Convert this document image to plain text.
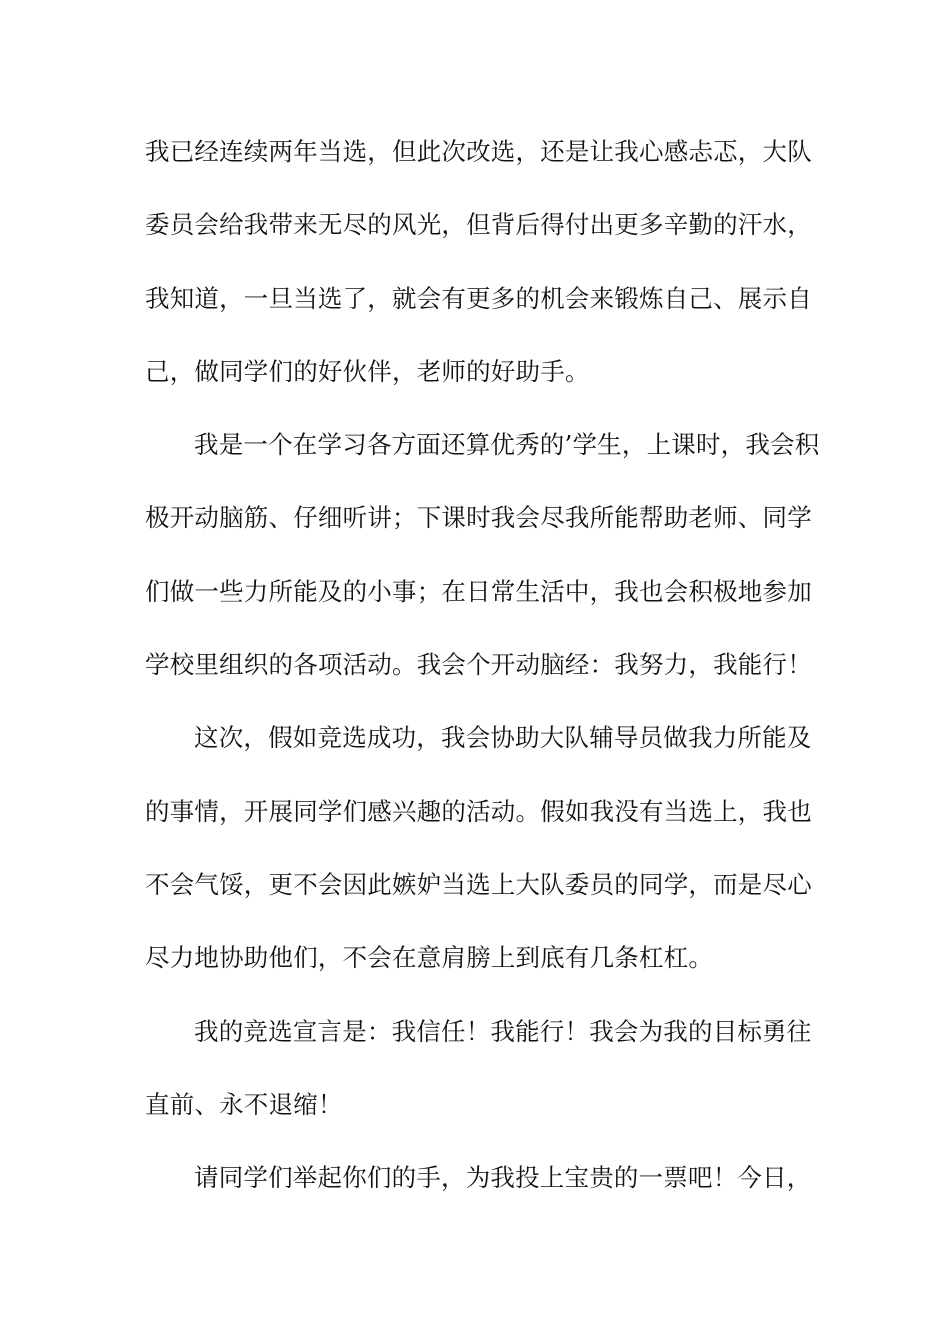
我已经连续两年当选，但此次改选，还是让我心感忐忑，大队
委员会给我带来无尽的风光，但背后得付出更多辛勤的汗水，
我知道，一旦当选了，就会有更多的机会来锻炼自己、展示自
己，做同学们的好伙伴，老师的好助手。
我是一个在学习各方面还算优秀的’学生，上课时，我会积
极开动脑筋、仔细听讲；下课时我会尽我所能帮助老师、同学
们做一些力所能及的小事；在日常生活中，我也会积极地参加
学校里组织的各项活动。我会个开动脑经：我努力，我能行！
这次，假如竞选成功，我会协助大队辅导员做我力所能及
的事情，开展同学们感兴趣的活动。假如我没有当选上，我也
不会气馁，更不会因此嫉妒当选上大队委员的同学，而是尽心
尽力地协助他们，不会在意肩膀上到底有几条杠杠。
我的竞选宣言是：我信任！我能行！我会为我的目标勇往
直前、永不退缩！
请同学们举起你们的手，为我投上宝贵的一票吧！今日，
